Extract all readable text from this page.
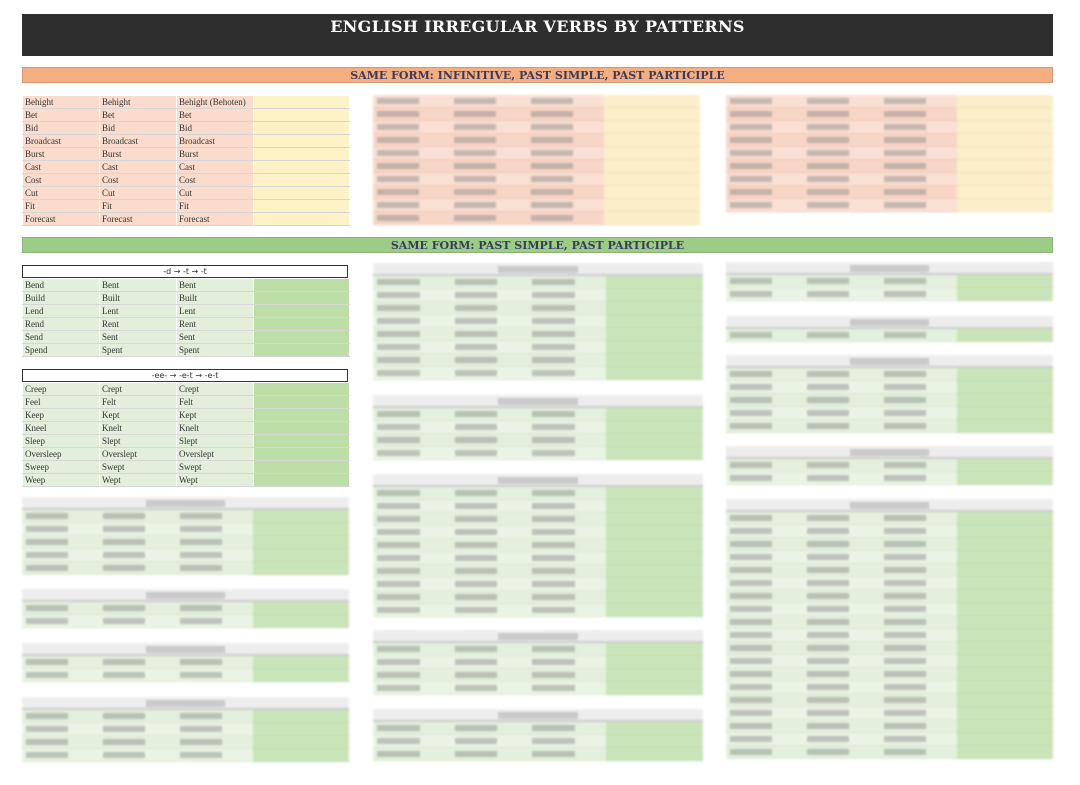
ENGLISH IRREGULAR VERBS BY PATTERNS
SAME FORM: INFINITIVE, PAST SIMPLE, PAST PARTICIPLE
Behight	Behight	Behight (Behoten)	
Bet	Bet	Bet	
Bid	Bid	Bid	
Broadcast	Broadcast	Broadcast	
Burst	Burst	Burst	
Cast	Cast	Cast	
Cost	Cost	Cost	
Cut	Cut	Cut	
Fit	Fit	Fit	
Forecast	Forecast	Forecast	
SAME FORM: PAST SIMPLE, PAST PARTICIPLE
-d → -t → -t
Bend	Bent	Bent	
Build	Built	Built	
Lend	Lent	Lent	
Rend	Rent	Rent	
Send	Sent	Sent	
Spend	Spent	Spent	
-ee- → -e-t → -e-t
Creep	Crept	Crept	
Feel	Felt	Felt	
Keep	Kept	Kept	
Kneel	Knelt	Knelt	
Sleep	Slept	Slept	
Oversleep	Overslept	Overslept	
Sweep	Swept	Swept	
Weep	Wept	Wept	
